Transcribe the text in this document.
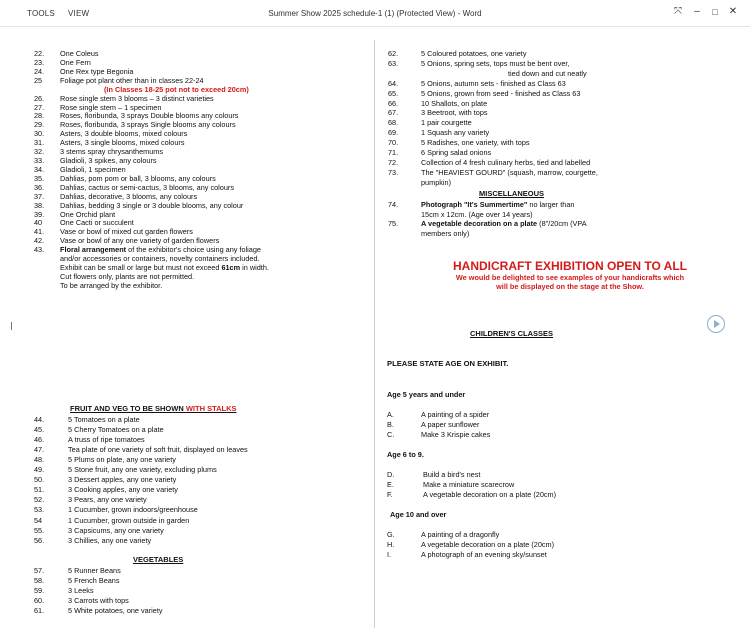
TOOLS VIEW	Summer Show 2025 schedule-1 (1) (Protected View) - Word	⤧	–	□	✕
22. One Coleus
23. One Fern
24. One Rex type Begonia
25 Foliage pot plant other than in classes 22-24
(In Classes 18-25 pot not to exceed 20cm)
26. Rose single stem 3 blooms – 3 distinct varieties
27. Rose single stem – 1 specimen
28. Roses, floribunda, 3 sprays Double blooms any colours
29. Roses, floribunda, 3 sprays Single blooms any colours
30. Asters, 3 double blooms, mixed colours
31. Asters, 3 single blooms, mixed colours
32. 3 stems spray chrysanthemums
33. Gladioli, 3 spikes, any colours
34. Gladioli, 1 specimen
35. Dahlias, pom pom or ball, 3 blooms, any colours
36. Dahlias, cactus or semi-cactus, 3 blooms, any colours
37. Dahlias, decorative, 3 blooms, any colours
38. Dahlias, bedding 3 single or 3 double blooms, any colour
39. One Orchid plant
40 One Cacti or succulent
41. Vase or bowl of mixed cut garden flowers
42. Vase or bowl of any one variety of garden flowers
43. Floral arrangement of the exhibitor's choice using any foliage
and/or accessories or containers, novelty containers included.
Exhibit can be small or large but must not exceed 61cm in width.
Cut flowers only, plants are not permitted.
To be arranged by the exhibitor.
FRUIT AND VEG TO BE SHOWN WITH STALKS
44.	5 Tomatoes on a plate
45.	5 Cherry Tomatoes on a plate
46.	A truss of ripe tomatoes
47.	Tea plate of one variety of soft fruit, displayed on leaves
48.	5 Plums on plate, any one variety
49.	5 Stone fruit, any one variety, excluding plums
50.	3 Dessert apples, any one variety
51.	3 Cooking apples, any one variety
52.	3 Pears, any one variety
53.	1 Cucumber, grown indoors/greenhouse
54	1 Cucumber, grown outside in garden
55.	3 Capsicums, any one variety
56.	3 Chillies, any one variety
VEGETABLES
57.	5 Runner Beans
58.	5 French Beans
59.	3 Leeks
60.	3 Carrots with tops
61.	5 White potatoes, one variety
62.	5 Coloured potatoes, one variety
63.	5 Onions, spring sets, tops must be bent over,
tied down and cut neatly
64.	5 Onions, autumn sets - finished as Class 63
65.	5 Onions, grown from seed - finished as Class 63
66.	10 Shallots, on plate
67.	3 Beetroot, with tops
68.	1 pair courgette
69.	1 Squash any variety
70.	5 Radishes, one variety, with tops
71.	6 Spring salad onions
72.	Collection of 4 fresh culinary herbs, tied and labelled
73.	The "HEAVIEST GOURD" (squash, marrow, courgette,
pumpkin)
MISCELLANEOUS
74.	Photograph "It's Summertime" no larger than
15cm x 12cm. (Age over 14 years)
75.	A vegetable decoration on a plate (8"/20cm (VPA
members only)
CHILDREN'S CLASSES
PLEASE STATE AGE ON EXHIBIT.
Age 5 years and under
A.	A painting of a spider
B.	A paper sunflower
C.	Make 3 Krispie cakes
Age 6 to 9.
D.	Build a bird's nest
E.	Make a miniature scarecrow
F.	A vegetable decoration on a plate (20cm)
Age 10 and over
G.	A painting of a dragonfly
H.	A vegetable decoration on a plate (20cm)
I.	A photograph of an evening sky/sunset
HANDICRAFT EXHIBITION OPEN TO ALL
We would be delighted to see examples of your handicrafts which
will be displayed on the stage at the Show.
